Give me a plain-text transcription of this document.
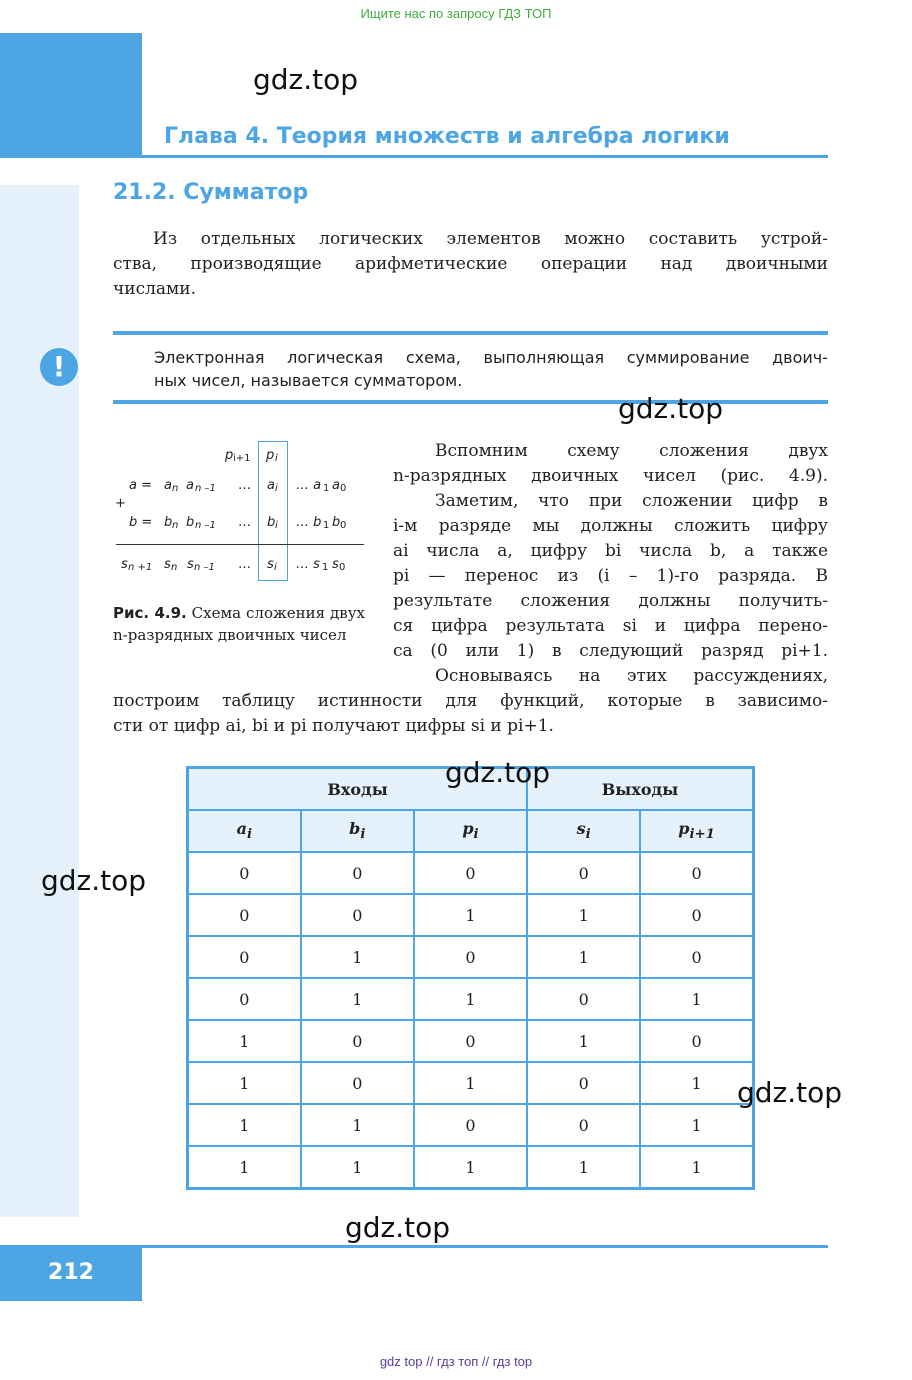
Ищите нас по запросу ГДЗ ТОП
gdz.top
Глава 4. Теория множеств и алгебра логики
21.2. Сумматор
Из отдельных логических элементов можно составить устрой-
ства, производящие арифметические операции над двоичными
числами.
!	Электронная логическая схема, выполняющая суммирование двоич-
ных чисел, называется сумматором.
gdz.top
p i+1 p i
a = a n a n –1 … a i … a 1 a 0
+
b = b n b n –1 … b i … b 1 b 0
s n +1 s n s n –1 … s i … s 1 s 0
Рис. 4.9. Схема сложения двух n-разрядных двоичных чисел
Вспомним схему сложения двух
n-разрядных двоичных чисел (рис. 4.9).
Заметим, что при сложении цифр в
i-м разряде мы должны сложить цифру
ai числа a, цифру bi числа b, а также
pi — перенос из (i – 1)-го разряда. В
результате сложения должны получить-
ся цифра результата si и цифра перено-
са (0 или 1) в следующий разряд pi+1.
Основываясь на этих рассуждениях,
построим таблицу истинности для функций, которые в зависимо-
сти от цифр ai, bi и pi получают цифры si и pi+1.
Входы			Выходы	
$a_i$	$b_i$	$p_i$	$s_i$	$p_{i+1}$
0	0	0	0	0
0	0	1	1	0
0	1	0	1	0
0	1	1	0	1
1	0	0	1	0
1	0	1	0	1
1	1	0	0	1
1	1	1	1	1
gdz.top
gdz.top
gdz.top
gdz.top
212
gdz top // гдз топ // гдз top
